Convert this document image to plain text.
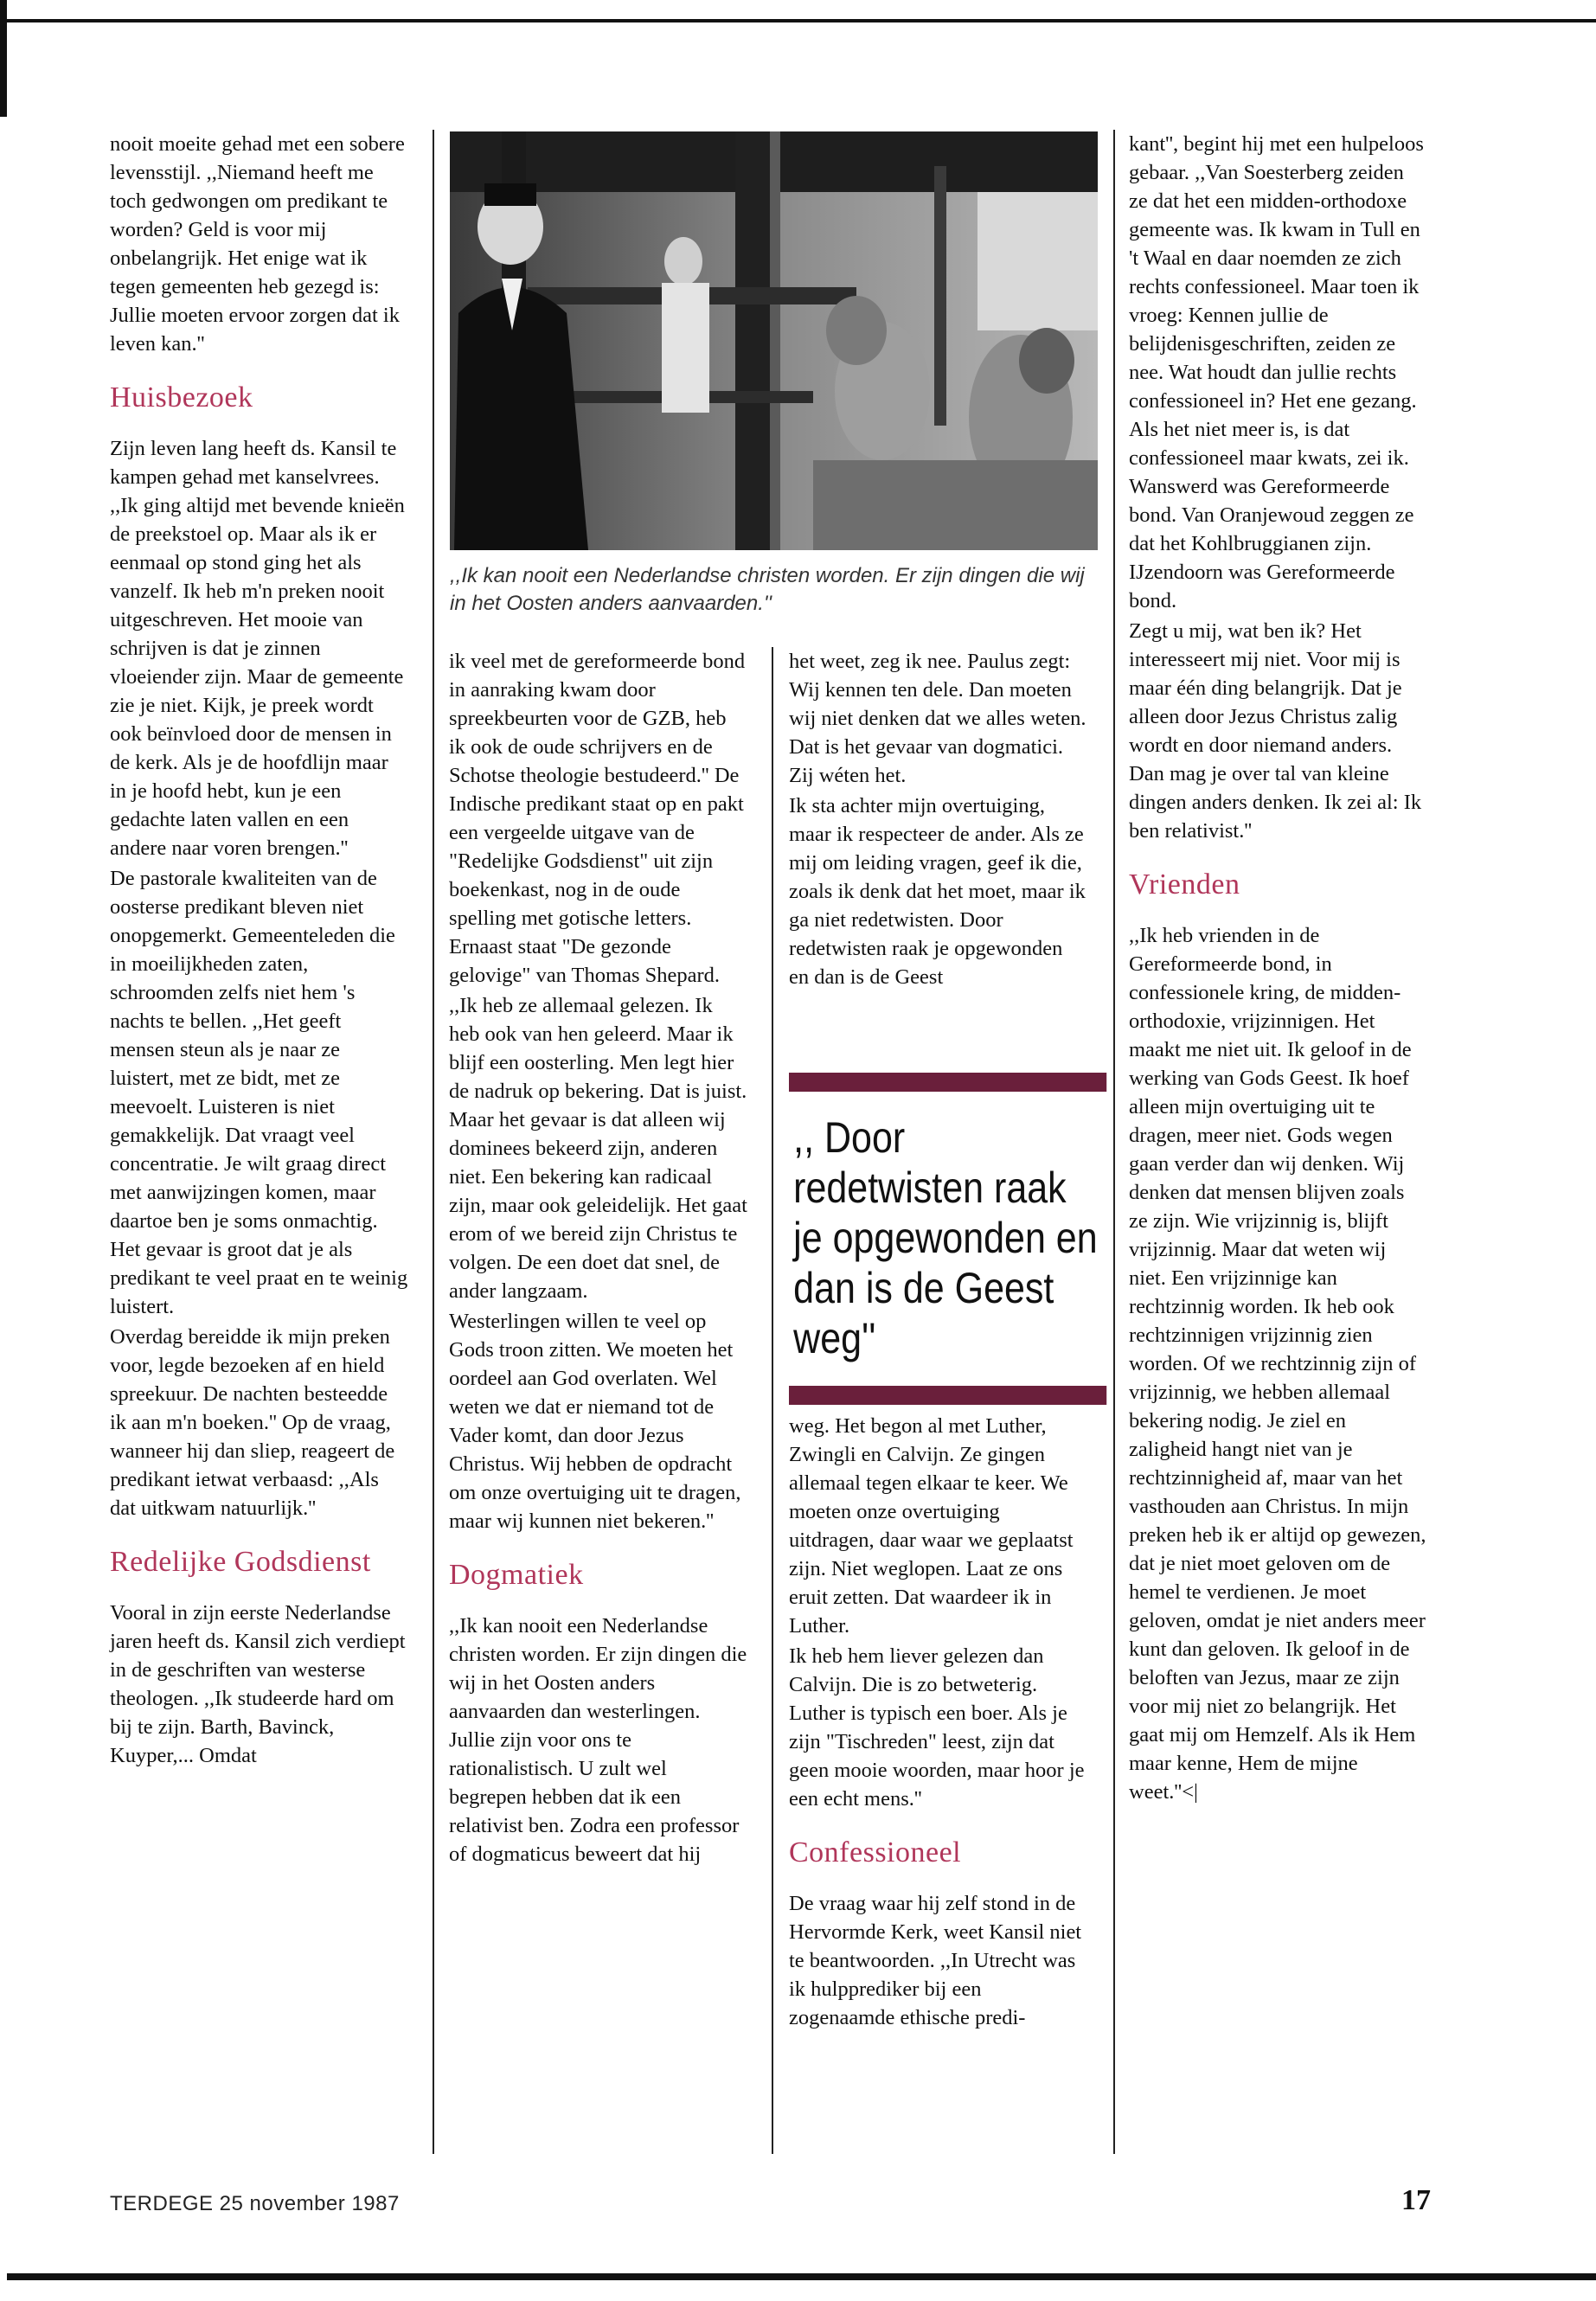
nooit moeite gehad met een sobere levensstijl. ,,Niemand heeft me toch gedwongen om predikant te worden? Geld is voor mij onbelangrijk. Het enige wat ik tegen gemeenten heb gezegd is: Jullie moeten ervoor zorgen dat ik leven kan.''

Huisbezoek

Zijn leven lang heeft ds. Kansil te kampen gehad met kanselvrees. ,,Ik ging altijd met bevende knieën de preekstoel op. Maar als ik er eenmaal op stond ging het als vanzelf. Ik heb m'n preken nooit uitgeschreven. Het mooie van schrijven is dat je zinnen vloeiender zijn. Maar de gemeente zie je niet. Kijk, je preek wordt ook beïnvloed door de mensen in de kerk. Als je de hoofdlijn maar in je hoofd hebt, kun je een gedachte laten vallen en een andere naar voren brengen.''

De pastorale kwaliteiten van de oosterse predikant bleven niet onopgemerkt. Gemeenteleden die in moeilijkheden zaten, schroomden zelfs niet hem 's nachts te bellen. ,,Het geeft mensen steun als je naar ze luistert, met ze bidt, met ze meevoelt. Luisteren is niet gemakkelijk. Dat vraagt veel concentratie. Je wilt graag direct met aanwijzingen komen, maar daartoe ben je soms onmachtig. Het gevaar is groot dat je als predikant te veel praat en te weinig luistert.

Overdag bereidde ik mijn preken voor, legde bezoeken af en hield spreekuur. De nachten besteedde ik aan m'n boeken.'' Op de vraag, wanneer hij dan sliep, reageert de predikant ietwat verbaasd: ,,Als dat uitkwam natuurlijk.''

Redelijke Godsdienst

Vooral in zijn eerste Nederlandse jaren heeft ds. Kansil zich verdiept in de geschriften van westerse theologen. ,,Ik studeerde hard om bij te zijn. Barth, Bavinck, Kuyper,... Omdat

,,Ik kan nooit een Nederlandse christen worden. Er zijn dingen die wij in het Oosten anders aanvaarden.''

ik veel met de gereformeerde bond in aanraking kwam door spreekbeurten voor de GZB, heb ik ook de oude schrijvers en de Schotse theologie bestudeerd.'' De Indische predikant staat op en pakt een vergeelde uitgave van de "Redelijke Godsdienst" uit zijn boekenkast, nog in de oude spelling met gotische letters. Ernaast staat "De gezonde gelovige" van Thomas Shepard.

,,Ik heb ze allemaal gelezen. Ik heb ook van hen geleerd. Maar ik blijf een oosterling. Men legt hier de nadruk op bekering. Dat is juist. Maar het gevaar is dat alleen wij dominees bekeerd zijn, anderen niet. Een bekering kan radicaal zijn, maar ook geleidelijk. Het gaat erom of we bereid zijn Christus te volgen. De een doet dat snel, de ander langzaam.

Westerlingen willen te veel op Gods troon zitten. We moeten het oordeel aan God overlaten. Wel weten we dat er niemand tot de Vader komt, dan door Jezus Christus. Wij hebben de opdracht om onze overtuiging uit te dragen, maar wij kunnen niet bekeren.''

Dogmatiek

,,Ik kan nooit een Nederlandse christen worden. Er zijn dingen die wij in het Oosten anders aanvaarden dan westerlingen. Jullie zijn voor ons te rationalistisch. U zult wel begrepen hebben dat ik een relativist ben. Zodra een professor of dogmaticus beweert dat hij

het weet, zeg ik nee. Paulus zegt: Wij kennen ten dele. Dan moeten wij niet denken dat we alles weten. Dat is het gevaar van dogmatici. Zij wéten het.

Ik sta achter mijn overtuiging, maar ik respecteer de ander. Als ze mij om leiding vragen, geef ik die, zoals ik denk dat het moet, maar ik ga niet redetwisten. Door redetwisten raak je opgewonden en dan is de Geest

,, Door redetwisten raak je opgewonden en dan is de Geest weg''

weg. Het begon al met Luther, Zwingli en Calvijn. Ze gingen allemaal tegen elkaar te keer. We moeten onze overtuiging uitdragen, daar waar we geplaatst zijn. Niet weglopen. Laat ze ons eruit zetten. Dat waardeer ik in Luther.

Ik heb hem liever gelezen dan Calvijn. Die is zo betweterig. Luther is typisch een boer. Als je zijn "Tischreden" leest, zijn dat geen mooie woorden, maar hoor je een echt mens.''

Confessioneel

De vraag waar hij zelf stond in de Hervormde Kerk, weet Kansil niet te beantwoorden. ,,In Utrecht was ik hulpprediker bij een zogenaamde ethische predi-

kant'', begint hij met een hulpeloos gebaar. ,,Van Soesterberg zeiden ze dat het een midden-orthodoxe gemeente was. Ik kwam in Tull en 't Waal en daar noemden ze zich rechts confessioneel. Maar toen ik vroeg: Kennen jullie de belijdenisgeschriften, zeiden ze nee. Wat houdt dan jullie rechts confessioneel in? Het ene gezang. Als het niet meer is, is dat confessioneel maar kwats, zei ik. Wanswerd was Gereformeerde bond. Van Oranjewoud zeggen ze dat het Kohlbruggianen zijn. IJzendoorn was Gereformeerde bond.

Zegt u mij, wat ben ik? Het interesseert mij niet. Voor mij is maar één ding belangrijk. Dat je alleen door Jezus Christus zalig wordt en door niemand anders. Dan mag je over tal van kleine dingen anders denken. Ik zei al: Ik ben relativist.''

Vrienden

,,Ik heb vrienden in de Gereformeerde bond, in confessionele kring, de midden-orthodoxie, vrijzinnigen. Het maakt me niet uit. Ik geloof in de werking van Gods Geest. Ik hoef alleen mijn overtuiging uit te dragen, meer niet. Gods wegen gaan verder dan wij denken. Wij denken dat mensen blijven zoals ze zijn. Wie vrijzinnig is, blijft vrijzinnig. Maar dat weten wij niet. Een vrijzinnige kan rechtzinnig worden. Ik heb ook rechtzinnigen vrijzinnig zien worden. Of we rechtzinnig zijn of vrijzinnig, we hebben allemaal bekering nodig. Je ziel en zaligheid hangt niet van je rechtzinnigheid af, maar van het vasthouden aan Christus. In mijn preken heb ik er altijd op gewezen, dat je niet moet geloven om de hemel te verdienen. Je moet geloven, omdat je niet anders meer kunt dan geloven. Ik geloof in de beloften van Jezus, maar ze zijn voor mij niet zo belangrijk. Het gaat mij om Hemzelf. Als ik Hem maar kenne, Hem de mijne weet.''<|

TERDEGE 25 november 1987	17
